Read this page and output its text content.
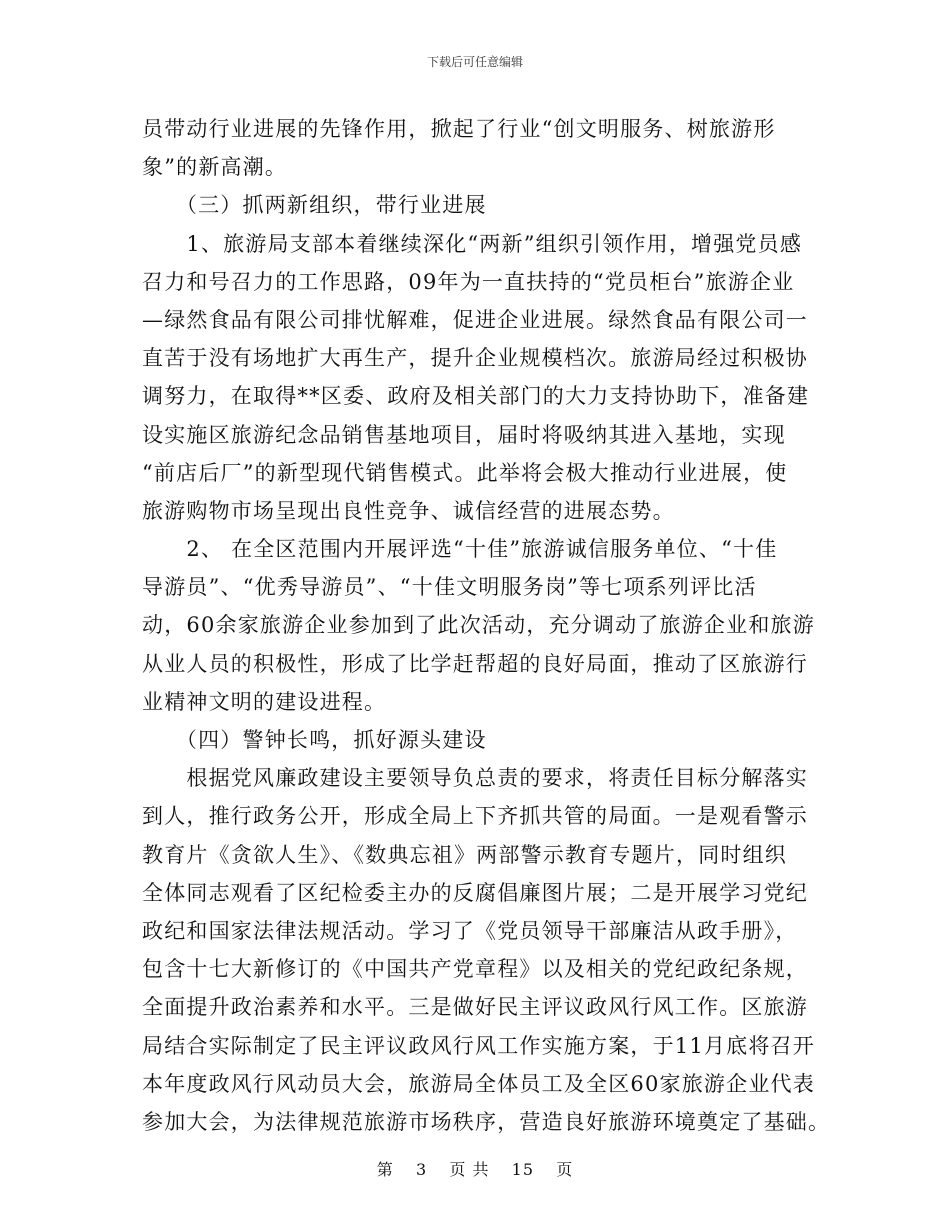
下载后可任意编辑
员带动行业进展的先锋作用，掀起了行业“创文明服务、树旅游形
象”的新高潮。
　　（三）抓两新组织，带行业进展
　　1、旅游局支部本着继续深化“两新”组织引领作用，增强党员感
召力和号召力的工作思路，09年为一直扶持的“党员柜台”旅游企业
—绿然食品有限公司排忧解难，促进企业进展。绿然食品有限公司一
直苦于没有场地扩大再生产，提升企业规模档次。旅游局经过积极协
调努力，在取得**区委、政府及相关部门的大力支持协助下，准备建
设实施区旅游纪念品销售基地项目，届时将吸纳其进入基地，实现
“前店后厂”的新型现代销售模式。此举将会极大推动行业进展，使
旅游购物市场呈现出良性竞争、诚信经营的进展态势。
　　2、 在全区范围内开展评选“十佳”旅游诚信服务单位、“十佳
导游员”、“优秀导游员”、“十佳文明服务岗”等七项系列评比活
动，60余家旅游企业参加到了此次活动，充分调动了旅游企业和旅游
从业人员的积极性，形成了比学赶帮超的良好局面，推动了区旅游行
业精神文明的建设进程。
　　（四）警钟长鸣，抓好源头建设
　　根据党风廉政建设主要领导负总责的要求，将责任目标分解落实
到人，推行政务公开，形成全局上下齐抓共管的局面。一是观看警示
教育片《贪欲人生》、《数典忘祖》两部警示教育专题片，同时组织
全体同志观看了区纪检委主办的反腐倡廉图片展；二是开展学习党纪
政纪和国家法律法规活动。学习了《党员领导干部廉洁从政手册》，
包含十七大新修订的《中国共产党章程》以及相关的党纪政纪条规，
全面提升政治素养和水平。三是做好民主评议政风行风工作。区旅游
局结合实际制定了民主评议政风行风工作实施方案，于11月底将召开
本年度政风行风动员大会，旅游局全体员工及全区60家旅游企业代表
参加大会，为法律规范旅游市场秩序，营造良好旅游环境奠定了基础。
第 3 页 共 15 页
